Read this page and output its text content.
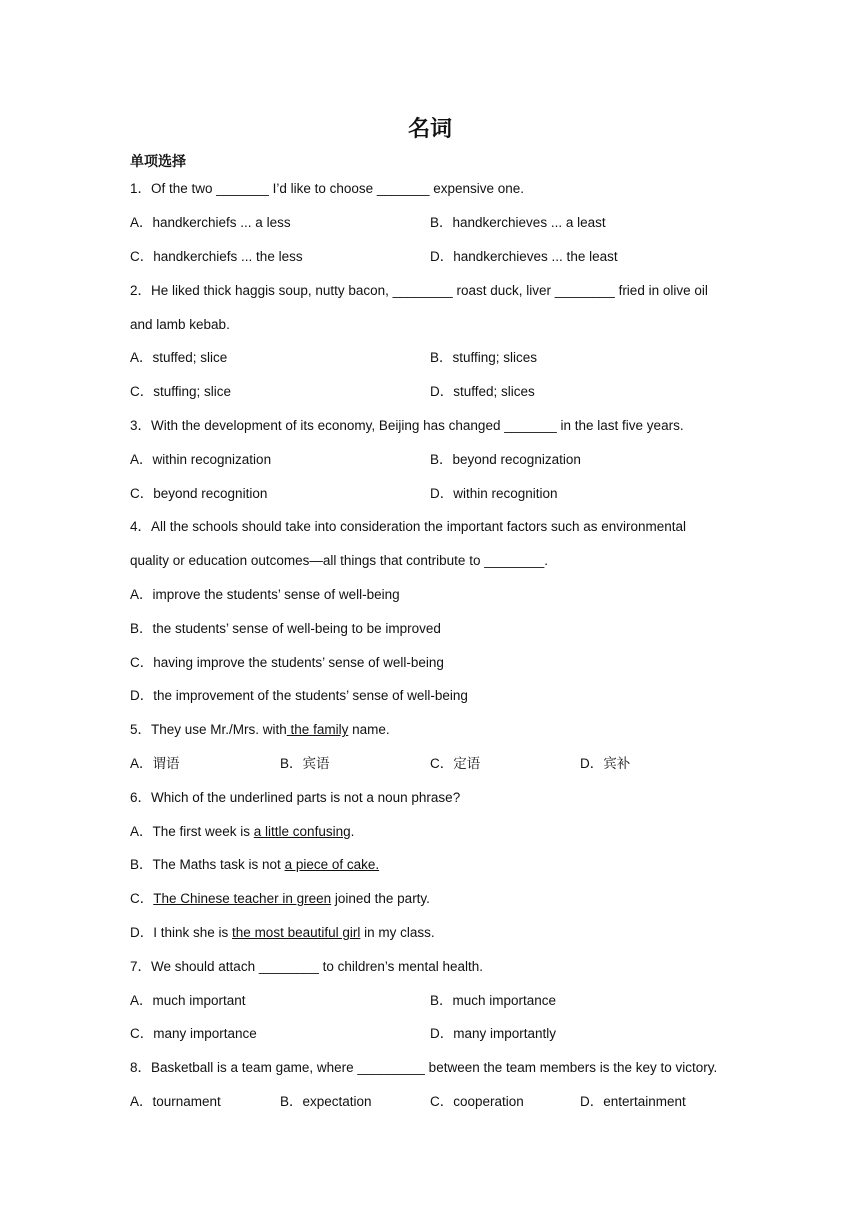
名词
单项选择
1．Of the two _______ I’d like to choose _______ expensive one.
A．handkerchiefs ... a less	B．handkerchieves ... a least
C．handkerchiefs ... the less	D．handkerchieves ... the least
2．He liked thick haggis soup, nutty bacon, ________ roast duck, liver ________ fried in olive oil
and lamb kebab.
A．stuffed; slice	B．stuffing; slices
C．stuffing; slice	D．stuffed; slices
3．With the development of its economy, Beijing has changed _______ in the last five years.
A．within recognization	B．beyond recognization
C．beyond recognition	D．within recognition
4．All the schools should take into consideration the important factors such as environmental
quality or education outcomes—all things that contribute to ________.
A．improve the students’ sense of well-being
B．the students’ sense of well-being to be improved
C．having improve the students’ sense of well-being
D．the improvement of the students’ sense of well-being
5．They use Mr./Mrs. with the family name.
A．谓语	B．宾语	C．定语	D．宾补
6．Which of the underlined parts is not a noun phrase?
A．The first week is a little confusing.
B．The Maths task is not a piece of cake.
C．The Chinese teacher in green joined the party.
D．I think she is the most beautiful girl in my class.
7．We should attach ________ to children’s mental health.
A．much important	B．much importance
C．many importance	D．many importantly
8．Basketball is a team game, where _________ between the team members is the key to victory.
A．tournament	B．expectation	C．cooperation	D．entertainment
